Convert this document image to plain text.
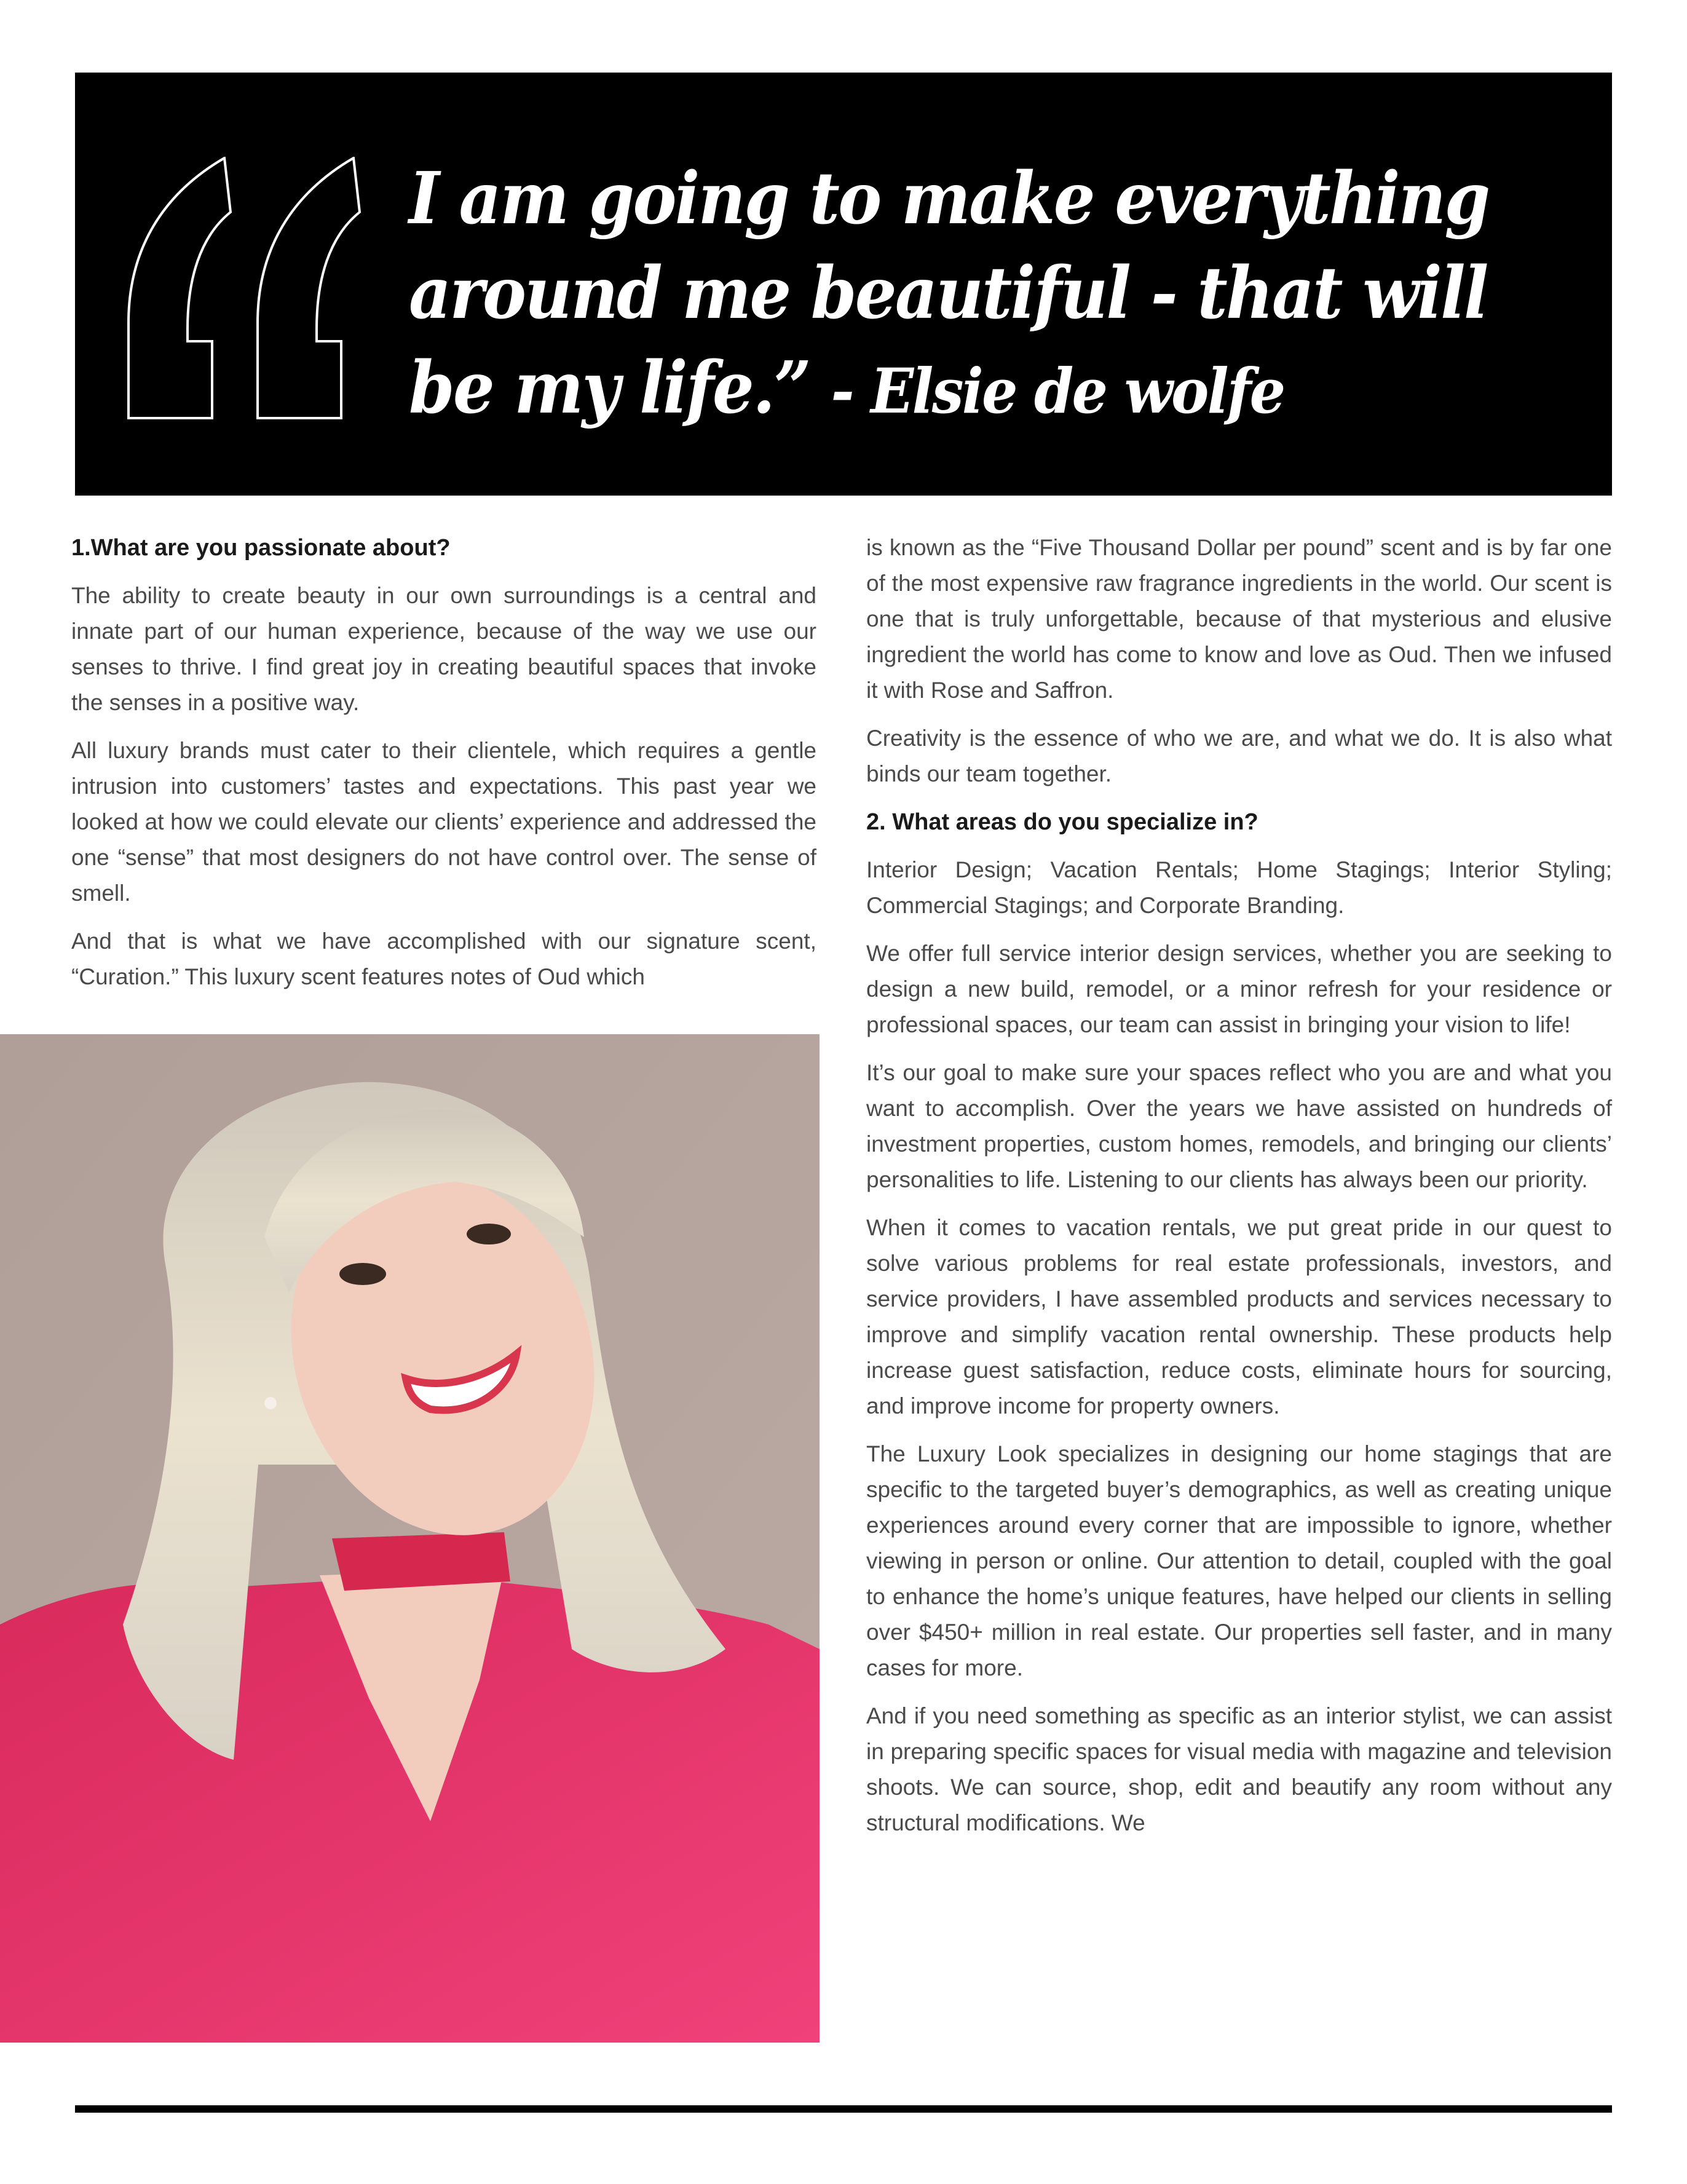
I am going to make everything
around me beautiful - that will
be my life.” - Elsie de wolfe
1.What are you passionate about?

The ability to create beauty in our own surroundings is a central and innate part of our human experience, because of the way we use our senses to thrive. I find great joy in creating beautiful spaces that invoke the senses in a positive way.

All luxury brands must cater to their clientele, which requires a gentle intrusion into customers’ tastes and expectations. This past year we looked at how we could elevate our clients’ experience and addressed the one “sense” that most designers do not have control over. The sense of smell.

And that is what we have accomplished with our signature scent, “Curation.” This luxury scent features notes of Oud which

is known as the “Five Thousand Dollar per pound” scent and is by far one of the most expensive raw fragrance ingredients in the world. Our scent is one that is truly unforgettable, because of that mysterious and elusive ingredient the world has come to know and love as Oud. Then we infused it with Rose and Saffron.

Creativity is the essence of who we are, and what we do. It is also what binds our team together.

2. What areas do you specialize in?

Interior Design; Vacation Rentals; Home Stagings; Interior Styling; Commercial Stagings; and Corporate Branding.

We offer full service interior design services, whether you are seeking to design a new build, remodel, or a minor refresh for your residence or professional spaces, our team can assist in bringing your vision to life!

It’s our goal to make sure your spaces reflect who you are and what you want to accomplish. Over the years we have assisted on hundreds of investment properties, custom homes, remodels, and bringing our clients’ personalities to life. Listening to our clients has always been our priority.

When it comes to vacation rentals, we put great pride in our quest to solve various problems for real estate professionals, investors, and service providers, I have assembled products and services necessary to improve and simplify vacation rental ownership. These products help increase guest satisfaction, reduce costs, eliminate hours for sourcing, and improve income for property owners.

The Luxury Look specializes in designing our home stagings that are specific to the targeted buyer’s demographics, as well as creating unique experiences around every corner that are impossible to ignore, whether viewing in person or online. Our attention to detail, coupled with the goal to enhance the home’s unique features, have helped our clients in selling over $450+ million in real estate. Our properties sell faster, and in many cases for more.

And if you need something as specific as an interior stylist, we can assist in preparing specific spaces for visual media with magazine and television shoots. We can source, shop, edit and beautify any room without any structural modifications. We
